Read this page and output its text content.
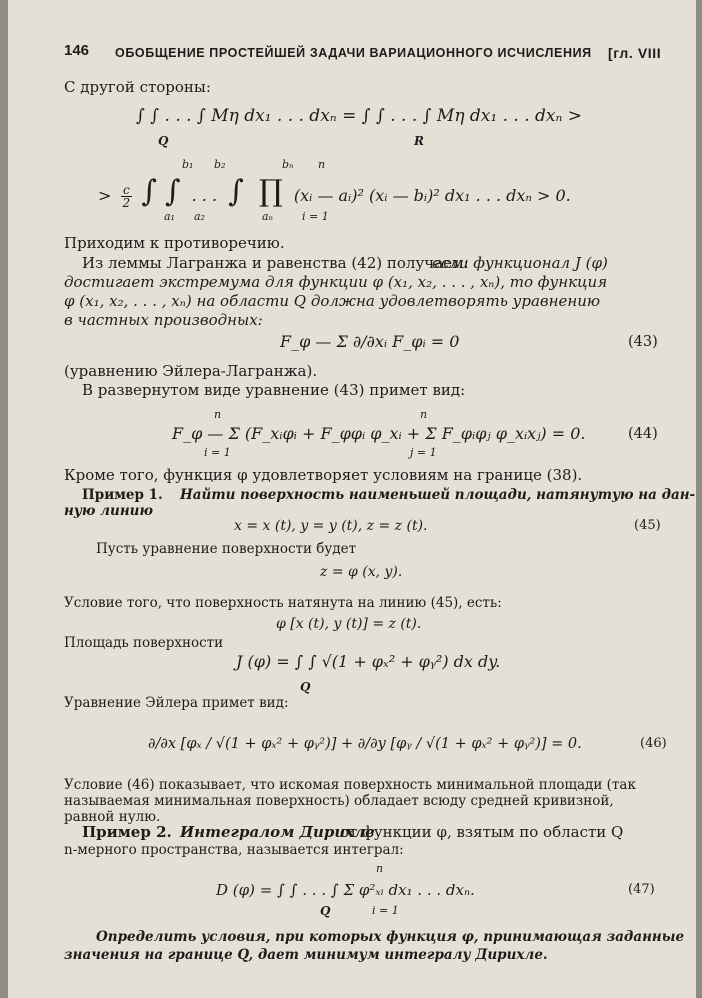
146 ОБОБЩЕНИЕ ПРОСТЕЙШЕЙ ЗАДАЧИ ВАРИАЦИОННОГО ИСЧИСЛЕНИЯ [гл. VIII
С другой стороны:
∫ ∫ . . . ∫ Mη dx₁ . . . dxₙ = ∫ ∫ . . . ∫ Mη dx₁ . . . dxₙ >
Q	R
b₁ b₂	bₙ n
> $\frac{c}{2}$ ∫ ∫ . . . ∫ ∏ (xᵢ — aᵢ)² (xᵢ — bᵢ)² dx₁ . . . dxₙ > 0.
a₁ a₂	aₙ	i = 1
Приходим к противоречию.
Из леммы Лагранжа и равенства (42) получаем:
если функционал J (φ)
достигает экстремума для функции φ (x₁, x₂, . . . , xₙ), то функция
φ (x₁, x₂, . . . , xₙ) на области Q должна удовлетворять уравнению
в частных производных:
F_φ — Σ ∂/∂xᵢ F_φᵢ = 0	(43)
(уравнению Эйлера-Лагранжа).
В развернутом виде уравнение (43) примет вид:
n	n
F_φ — Σ (F_xᵢφᵢ + F_φφᵢ φ_xᵢ + Σ F_φᵢφⱼ φ_xᵢxⱼ) = 0.	(44)
i = 1	j = 1
Кроме того, функция φ удовлетворяет условиям на границе (38).
Пример 1. Найти поверхность наименьшей площади, натянутую на дан-
ную линию
x = x (t), y = y (t), z = z (t).	(45)
Пусть уравнение поверхности будет
z = φ (x, y).
Условие того, что поверхность натянута на линию (45), есть:
φ [x (t), y (t)] = z (t).
Площадь поверхности
J (φ) = ∫ ∫ √(1 + φₓ² + φᵧ²) dx dy.
Q
Уравнение Эйлера примет вид:
∂/∂x [φₓ / √(1 + φₓ² + φᵧ²)] + ∂/∂y [φᵧ / √(1 + φₓ² + φᵧ²)] = 0.	(46)
Условие (46) показывает, что искомая поверхность минимальной площади (так
называемая минимальная поверхность) обладает всюду средней кривизной,
равной нулю.
Пример 2. Интегралом Дирихле
от функции φ, взятым по области Q
n-мерного пространства, называется интеграл:
n
D (φ) = ∫ ∫ . . . ∫ Σ φ²ₓᵢ dx₁ . . . dxₙ.	(47)
Q	i = 1
Определить условия, при которых функция φ, принимающая заданные
значения на границе Q, дает минимум интегралу Дирихле.
